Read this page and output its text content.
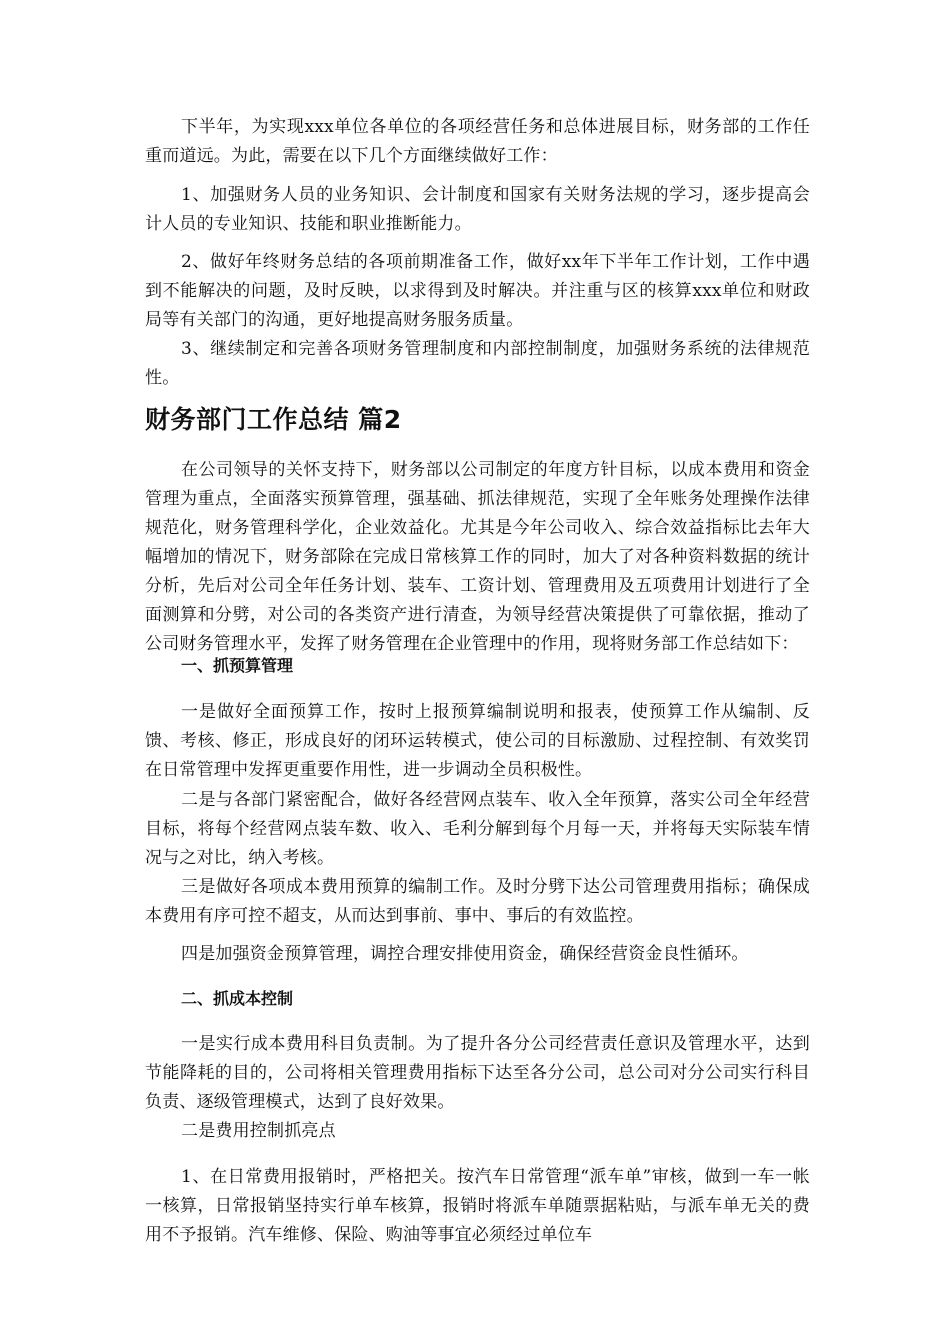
下半年，为实现xxx单位各单位的各项经营任务和总体进展目标，财务部的工作任重而道远。为此，需要在以下几个方面继续做好工作：

1、加强财务人员的业务知识、会计制度和国家有关财务法规的学习，逐步提高会计人员的专业知识、技能和职业推断能力。

2、做好年终财务总结的各项前期准备工作，做好xx年下半年工作计划，工作中遇到不能解决的问题，及时反映，以求得到及时解决。并注重与区的核算xxx单位和财政局等有关部门的沟通，更好地提高财务服务质量。

3、继续制定和完善各项财务管理制度和内部控制制度，加强财务系统的法律规范性。

财务部门工作总结 篇2

在公司领导的关怀支持下，财务部以公司制定的年度方针目标，以成本费用和资金管理为重点，全面落实预算管理，强基础、抓法律规范，实现了全年账务处理操作法律规范化，财务管理科学化，企业效益化。尤其是今年公司收入、综合效益指标比去年大幅增加的情况下，财务部除在完成日常核算工作的同时，加大了对各种资料数据的统计分析，先后对公司全年任务计划、装车、工资计划、管理费用及五项费用计划进行了全面测算和分劈，对公司的各类资产进行清查，为领导经营决策提供了可靠依据，推动了公司财务管理水平，发挥了财务管理在企业管理中的作用，现将财务部工作总结如下：

一、抓预算管理

一是做好全面预算工作，按时上报预算编制说明和报表，使预算工作从编制、反馈、考核、修正，形成良好的闭环运转模式，使公司的目标激励、过程控制、有效奖罚在日常管理中发挥更重要作用性，进一步调动全员积极性。

二是与各部门紧密配合，做好各经营网点装车、收入全年预算，落实公司全年经营目标，将每个经营网点装车数、收入、毛利分解到每个月每一天，并将每天实际装车情况与之对比，纳入考核。

三是做好各项成本费用预算的编制工作。及时分劈下达公司管理费用指标；确保成本费用有序可控不超支，从而达到事前、事中、事后的有效监控。

四是加强资金预算管理，调控合理安排使用资金，确保经营资金良性循环。

二、抓成本控制

一是实行成本费用科目负责制。为了提升各分公司经营责任意识及管理水平，达到节能降耗的目的，公司将相关管理费用指标下达至各分公司，总公司对分公司实行科目负责、逐级管理模式，达到了良好效果。

二是费用控制抓亮点

1、在日常费用报销时，严格把关。按汽车日常管理“派车单”审核，做到一车一帐一核算，日常报销坚持实行单车核算，报销时将派车单随票据粘贴，与派车单无关的费用不予报销。汽车维修、保险、购油等事宜必须经过单位车
